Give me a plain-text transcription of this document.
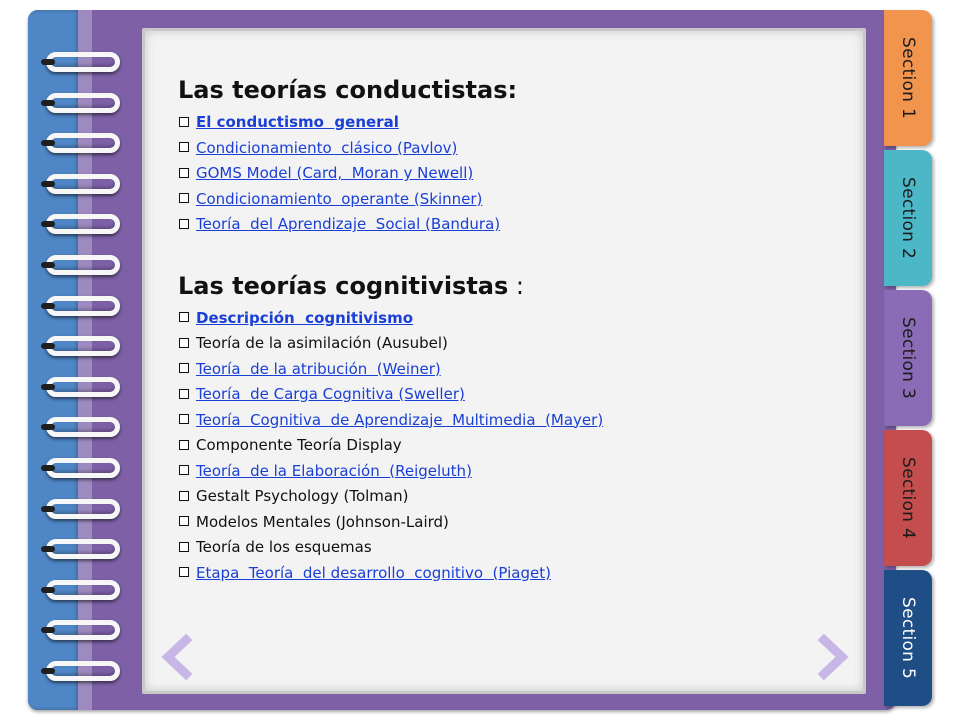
Section 1
Section 2
Section 3
Section 4
Section 5
Las teorías conductistas:
El conductismo  general
Condicionamiento  clásico (Pavlov)
GOMS Model (Card,  Moran y Newell)
Condicionamiento  operante (Skinner)
Teoría  del Aprendizaje  Social (Bandura)
Las teorías cognitivistas :
Descripción  cognitivismo
Teoría de la asimilación (Ausubel)
Teoría  de la atribución  (Weiner)
Teoría  de Carga Cognitiva (Sweller)
Teoría  Cognitiva  de Aprendizaje  Multimedia  (Mayer)
Componente Teoría Display
Teoría  de la Elaboración  (Reigeluth)
Gestalt Psychology (Tolman)
Modelos Mentales (Johnson-Laird)
Teoría de los esquemas
Etapa  Teoría  del desarrollo  cognitivo  (Piaget)
